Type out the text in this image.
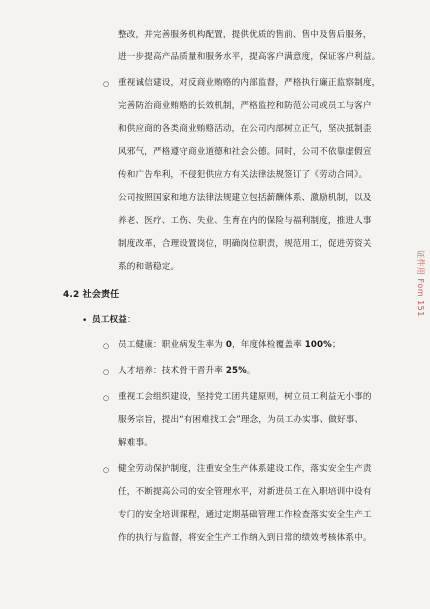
整改，并完善服务机构配置，提供优质的售前、售中及售后服务，
进一步提高产品质量和服务水平，提高客户满意度，保证客户利益。
○ 重视诚信建设，对反商业贿赂的内部监督，严格执行廉正监察制度，
完善防治商业贿赂的长效机制，严格监控和防范公司或员工与客户
和供应商的各类商业贿赂活动，在公司内部树立正气，坚决抵制歪
风邪气，严格遵守商业道德和社会公德。同时，公司不依靠虚假宣
传和广告牟利，不侵犯供应方有关法律法规签订了《劳动合同》。
公司按照国家和地方法律法规建立包括薪酬体系、激励机制，以及
养老、医疗、工伤、失业、生育在内的保险与福利制度，推进人事
制度改革，合理设置岗位，明确岗位职责，规范用工，促进劳资关
系的和谐稳定。
4.2 社会责任
• 员工权益：
○ 员工健康：职业病发生率为 0，年度体检覆盖率 100%；
○ 人才培养：技术骨干晋升率 25%。
○ 重视工会组织建设，坚持党工团共建原则，树立员工利益无小事的
服务宗旨，提出“有困难找工会”理念，为员工办实事、做好事、
解难事。
○ 健全劳动保护制度，注重安全生产体系建设工作，落实安全生产责
任，不断提高公司的安全管理水平，对新进员工在入职培训中设有
专门的安全培训课程，通过定期基础管理工作检查落实安全生产工
作的执行与监督，将安全生产工作纳入到日常的绩效考核体系中。
证件用 Fom 151
